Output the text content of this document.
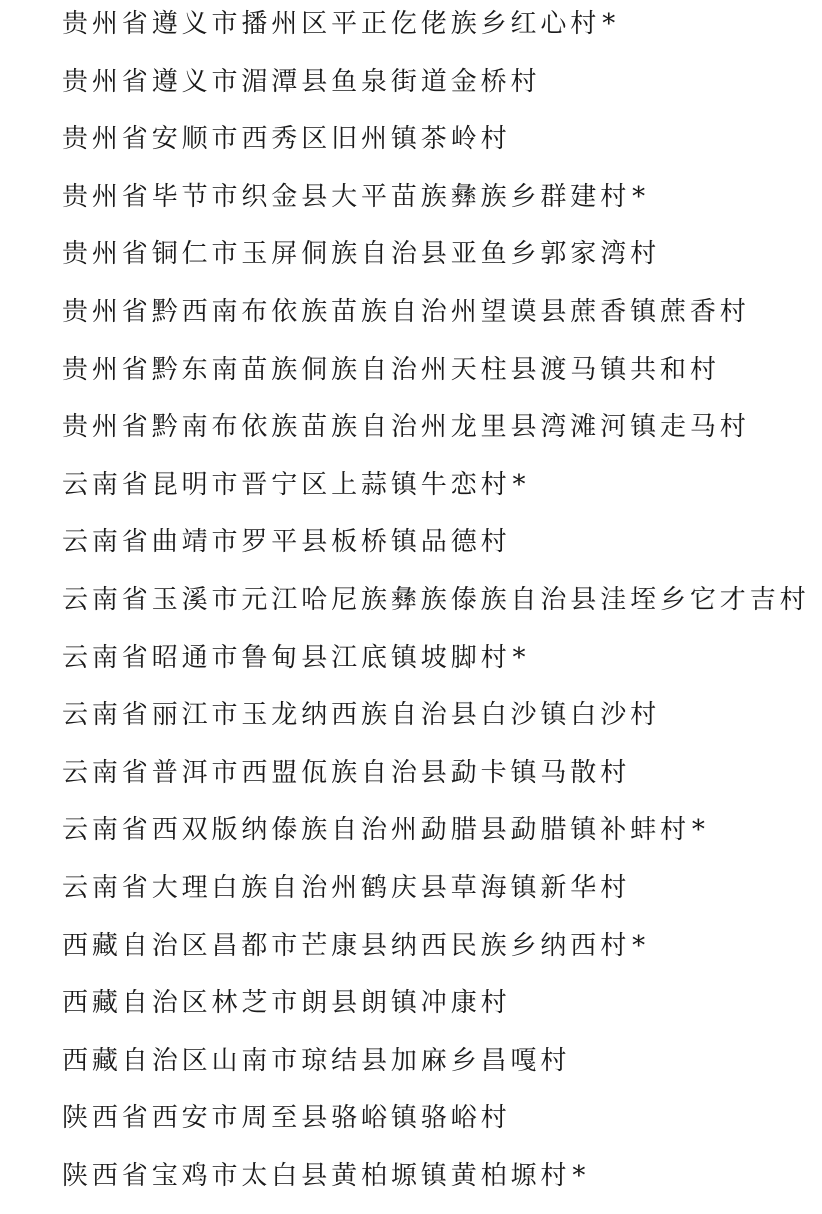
贵州省遵义市播州区平正仡佬族乡红心村*
贵州省遵义市湄潭县鱼泉街道金桥村
贵州省安顺市西秀区旧州镇茶岭村
贵州省毕节市织金县大平苗族彝族乡群建村*
贵州省铜仁市玉屏侗族自治县亚鱼乡郭家湾村
贵州省黔西南布依族苗族自治州望谟县蔗香镇蔗香村
贵州省黔东南苗族侗族自治州天柱县渡马镇共和村
贵州省黔南布依族苗族自治州龙里县湾滩河镇走马村
云南省昆明市晋宁区上蒜镇牛恋村*
云南省曲靖市罗平县板桥镇品德村
云南省玉溪市元江哈尼族彝族傣族自治县洼垤乡它才吉村
云南省昭通市鲁甸县江底镇坡脚村*
云南省丽江市玉龙纳西族自治县白沙镇白沙村
云南省普洱市西盟佤族自治县勐卡镇马散村
云南省西双版纳傣族自治州勐腊县勐腊镇补蚌村*
云南省大理白族自治州鹤庆县草海镇新华村
西藏自治区昌都市芒康县纳西民族乡纳西村*
西藏自治区林芝市朗县朗镇冲康村
西藏自治区山南市琼结县加麻乡昌嘎村
陕西省西安市周至县骆峪镇骆峪村
陕西省宝鸡市太白县黄柏塬镇黄柏塬村*
